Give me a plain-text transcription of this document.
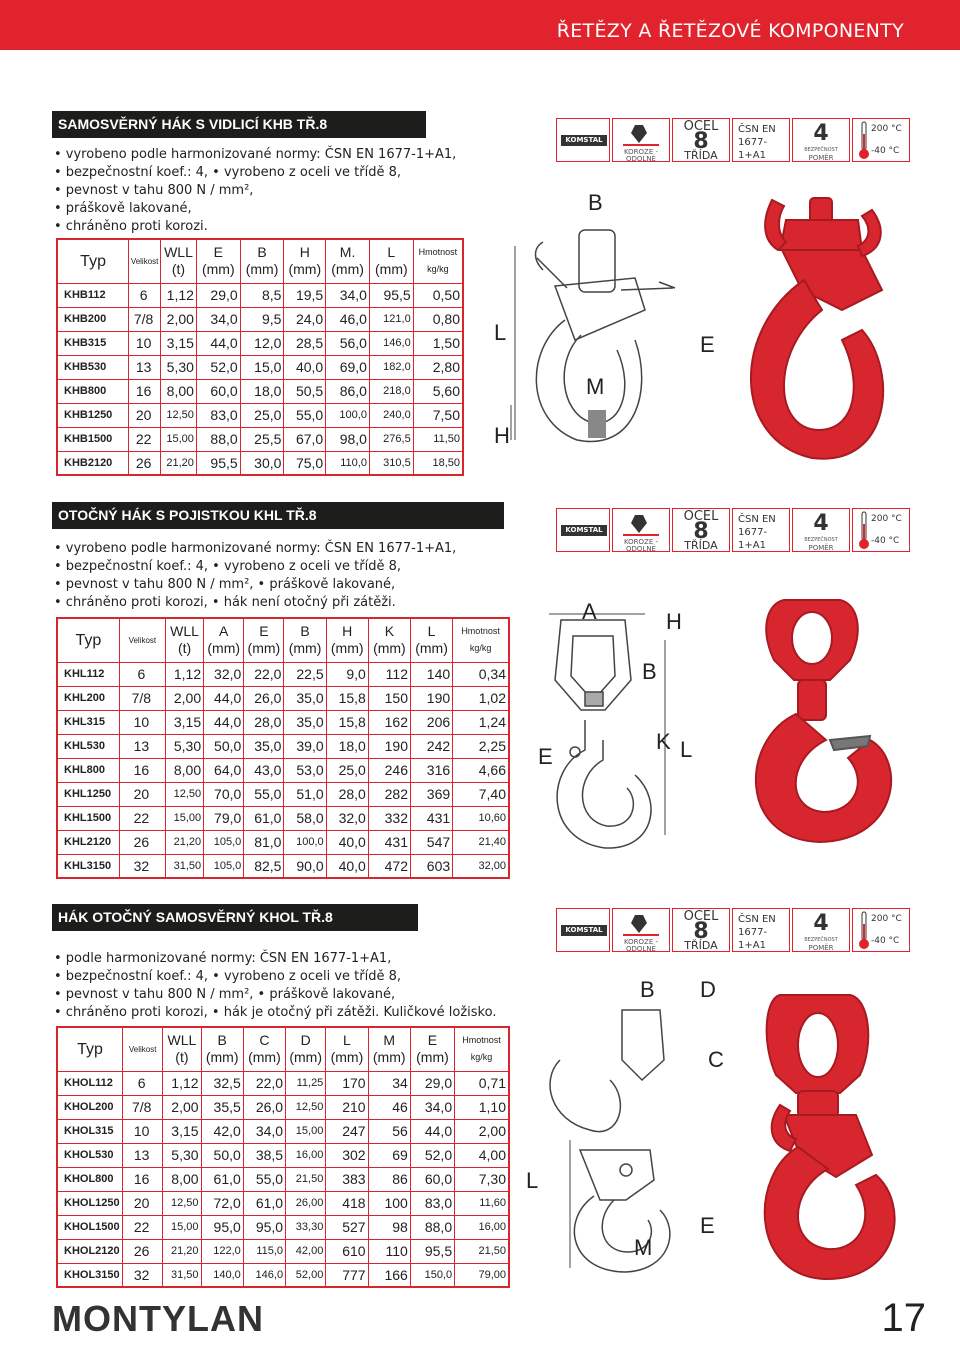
ŘETĚZY A ŘETĚZOVÉ KOMPONENTY
SAMOSVĚRNÝ HÁK S VIDLICÍ KHB TŘ.8
• vyrobeno podle harmonizované normy: ČSN EN 1677-1+A1,
• bezpečnostní koef.: 4, • vyrobeno z oceli ve třídě 8,
• pevnost v tahu 800 N / mm²,
• práškově lakované,
• chráněno proti korozi.
Typ	Velikost	WLL (t)	E (mm)	B (mm)	H (mm)	M. (mm)	L (mm)	Hmotnost kg/kg
KHB112	6	1,12	29,0	8,5	19,5	34,0	95,5	0,50
KHB200	7/8	2,00	34,0	9,5	24,0	46,0	121,0	0,80
KHB315	10	3,15	44,0	12,0	28,5	56,0	146,0	1,50
KHB530	13	5,30	52,0	15,0	40,0	69,0	182,0	2,80
KHB800	16	8,00	60,0	18,0	50,5	86,0	218,0	5,60
KHB1250	20	12,50	83,0	25,0	55,0	100,0	240,0	7,50
KHB1500	22	15,00	88,0	25,5	67,0	98,0	276,5	11,50
KHB2120	26	21,20	95,5	30,0	75,0	110,0	310,5	18,50
KOMSTAL
KOROZE - ODOLNÉ
OCEL
8
TŘÍDA
ČSN EN
1677-
1+A1
4
BEZPEČNOST
POMĚR
200 °C
-40 °C
B
L
M
H
E
OTOČNÝ HÁK S POJISTKOU KHL TŘ.8
• vyrobeno podle harmonizované normy: ČSN EN 1677-1+A1,
• bezpečnostní koef.: 4, • vyrobeno z oceli ve třídě 8,
• pevnost v tahu 800 N / mm², • práškově lakované,
• chráněno proti korozi, • hák není otočný při zátěži.
Typ	Velikost	WLL (t)	A (mm)	E (mm)	B (mm)	H (mm)	K (mm)	L (mm)	Hmotnost kg/kg
KHL112	6	1,12	32,0	22,0	22,5	9,0	112	140	0,34
KHL200	7/8	2,00	44,0	26,0	35,0	15,8	150	190	1,02
KHL315	10	3,15	44,0	28,0	35,0	15,8	162	206	1,24
KHL530	13	5,30	50,0	35,0	39,0	18,0	190	242	2,25
KHL800	16	8,00	64,0	43,0	53,0	25,0	246	316	4,66
KHL1250	20	12,50	70,0	55,0	51,0	28,0	282	369	7,40
KHL1500	22	15,00	79,0	61,0	58,0	32,0	332	431	10,60
KHL2120	26	21,20	105,0	81,0	100,0	40,0	431	547	21,40
KHL3150	32	31,50	105,0	82,5	90,0	40,0	472	603	32,00
KOMSTAL
KOROZE - ODOLNÉ
OCEL
8
TŘÍDA
ČSN EN
1677-
1+A1
4
BEZPEČNOST
POMĚR
200 °C
-40 °C
A	H
B
E
K L
HÁK OTOČNÝ SAMOSVĚRNÝ KHOL TŘ.8
• podle harmonizované normy: ČSN EN 1677-1+A1,
• bezpečnostní koef.: 4, • vyrobeno z oceli ve třídě 8,
• pevnost v tahu 800 N / mm², • práškově lakované,
• chráněno proti korozi, • hák je otočný při zátěži. Kuličkové ložisko.
Typ	Velikost	WLL (t)	B (mm)	C (mm)	D (mm)	L (mm)	M (mm)	E (mm)	Hmotnost kg/kg
KHOL112	6	1,12	32,5	22,0	11,25	170	34	29,0	0,71
KHOL200	7/8	2,00	35,5	26,0	12,50	210	46	34,0	1,10
KHOL315	10	3,15	42,0	34,0	15,00	247	56	44,0	2,00
KHOL530	13	5,30	50,0	38,5	16,00	302	69	52,0	4,00
KHOL800	16	8,00	61,0	55,0	21,50	383	86	60,0	7,30
KHOL1250	20	12,50	72,0	61,0	26,00	418	100	83,0	11,60
KHOL1500	22	15,00	95,0	95,0	33,30	527	98	88,0	16,00
KHOL2120	26	21,20	122,0	115,0	42,00	610	110	95,5	21,50
KHOL3150	32	31,50	140,0	146,0	52,00	777	166	150,0	79,00
KOMSTAL
KOROZE - ODOLNÉ
OCEL
8
TŘÍDA
ČSN EN
1677-
1+A1
4
BEZPEČNOST
POMĚR
200 °C
-40 °C
B D
C
L
M
E
MONTYLAN	17
